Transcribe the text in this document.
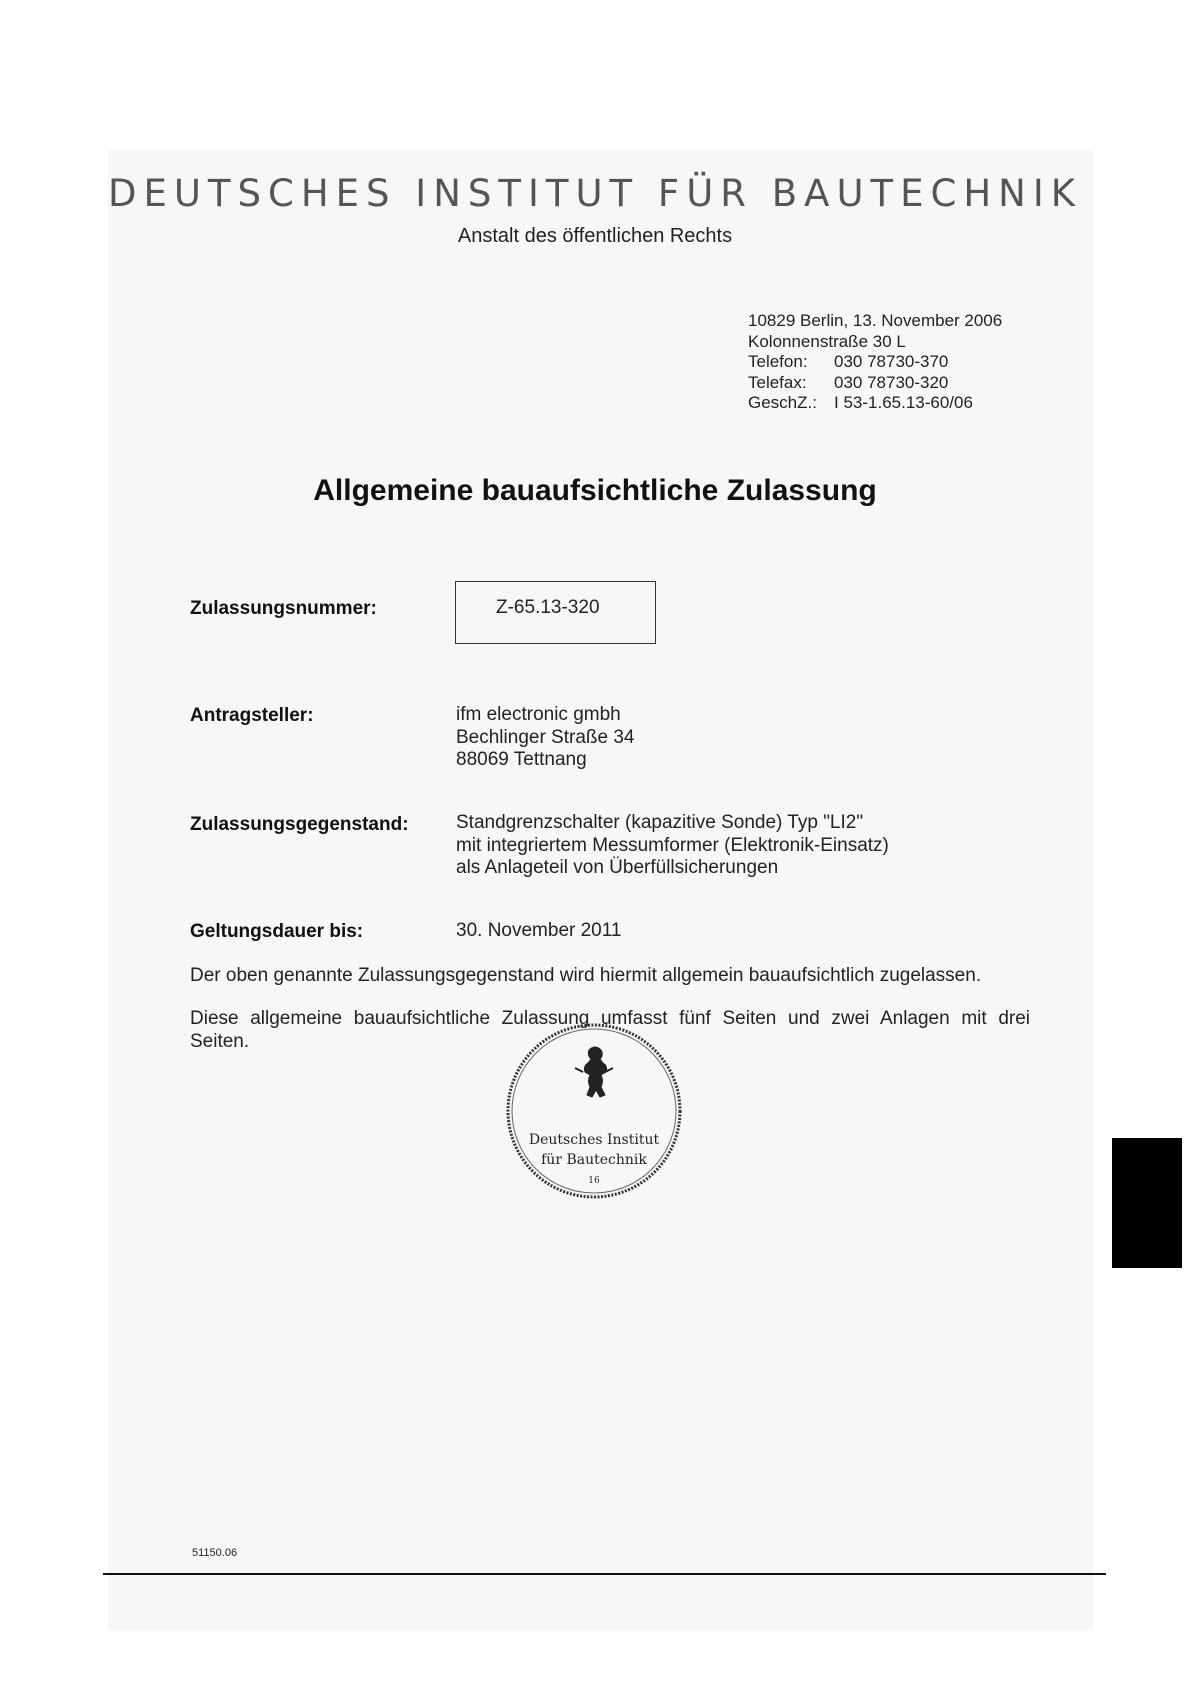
DEUTSCHES INSTITUT FÜR BAUTECHNIK
Anstalt des öffentlichen Rechts
10829 Berlin, 13. November 2006
Kolonnenstraße 30 L
Telefon: 030 78730-370
Telefax: 030 78730-320
GeschZ.: I 53-1.65.13-60/06
Allgemeine bauaufsichtliche Zulassung
Zulassungsnummer:	Z-65.13-320
Antragsteller:	ifm electronic gmbh
Bechlinger Straße 34
88069 Tettnang
Zulassungsgegenstand: Standgrenzschalter (kapazitive Sonde) Typ "LI2"
mit integriertem Messumformer (Elektronik-Einsatz)
als Anlageteil von Überfüllsicherungen
Geltungsdauer bis:	30. November 2011
Der oben genannte Zulassungsgegenstand wird hiermit allgemein bauaufsichtlich zugelassen.
Diese allgemeine bauaufsichtliche Zulassung umfasst fünf Seiten und zwei Anlagen mit drei
Seiten.
Deutsches Institut
für Bautechnik
16
51150.06
